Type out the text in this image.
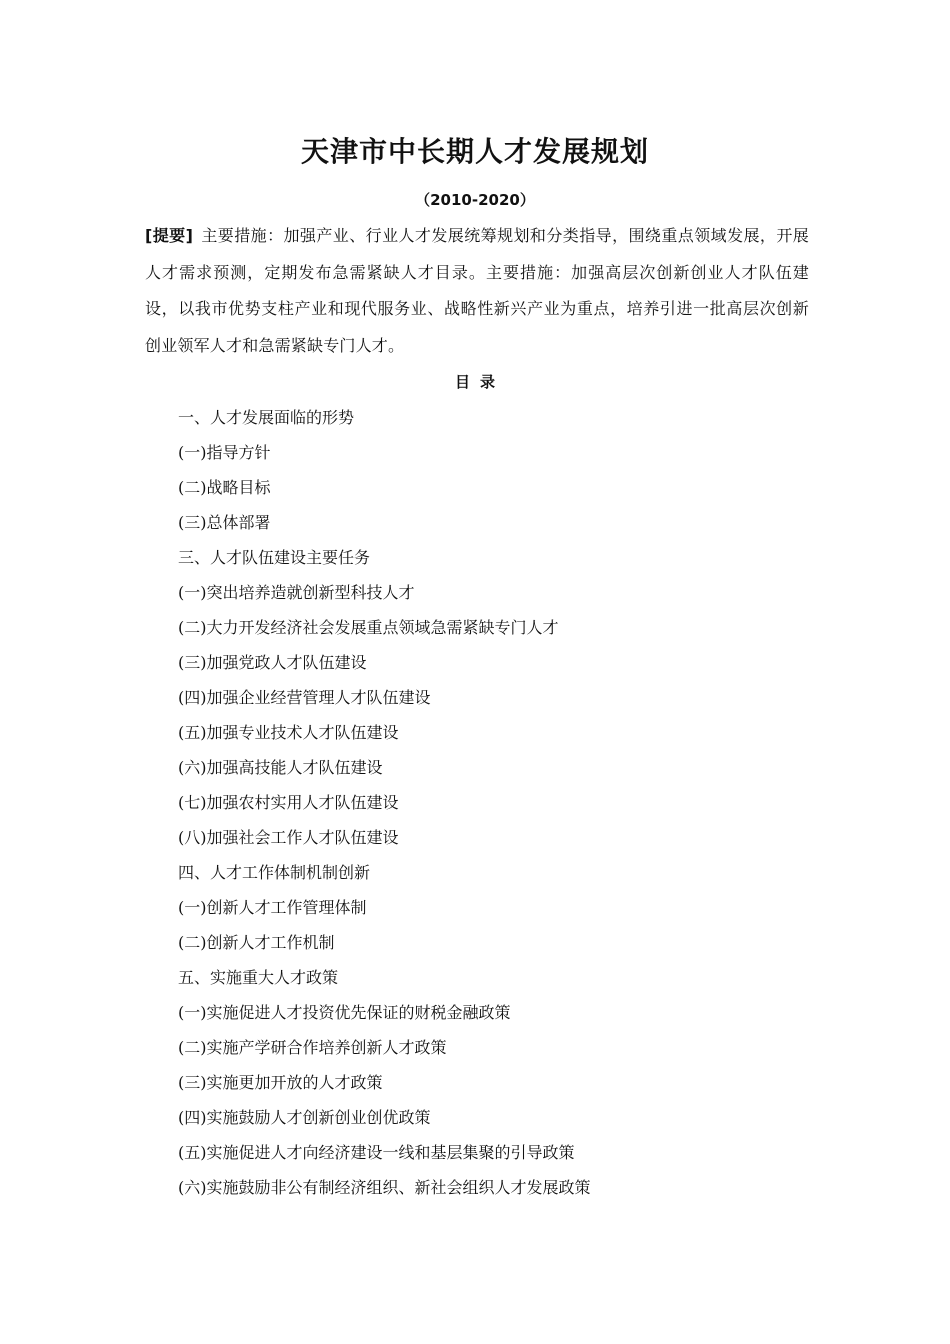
天津市中长期人才发展规划
（2010-2020）
[提要] 主要措施：加强产业、行业人才发展统筹规划和分类指导，围绕重点领域发展，开展人才需求预测，定期发布急需紧缺人才目录。主要措施：加强高层次创新创业人才队伍建设，以我市优势支柱产业和现代服务业、战略性新兴产业为重点，培养引进一批高层次创新创业领军人才和急需紧缺专门人才。
目录
一、人才发展面临的形势
(一)指导方针
(二)战略目标
(三)总体部署
三、人才队伍建设主要任务
(一)突出培养造就创新型科技人才
(二)大力开发经济社会发展重点领域急需紧缺专门人才
(三)加强党政人才队伍建设
(四)加强企业经营管理人才队伍建设
(五)加强专业技术人才队伍建设
(六)加强高技能人才队伍建设
(七)加强农村实用人才队伍建设
(八)加强社会工作人才队伍建设
四、人才工作体制机制创新
(一)创新人才工作管理体制
(二)创新人才工作机制
五、实施重大人才政策
(一)实施促进人才投资优先保证的财税金融政策
(二)实施产学研合作培养创新人才政策
(三)实施更加开放的人才政策
(四)实施鼓励人才创新创业创优政策
(五)实施促进人才向经济建设一线和基层集聚的引导政策
(六)实施鼓励非公有制经济组织、新社会组织人才发展政策
